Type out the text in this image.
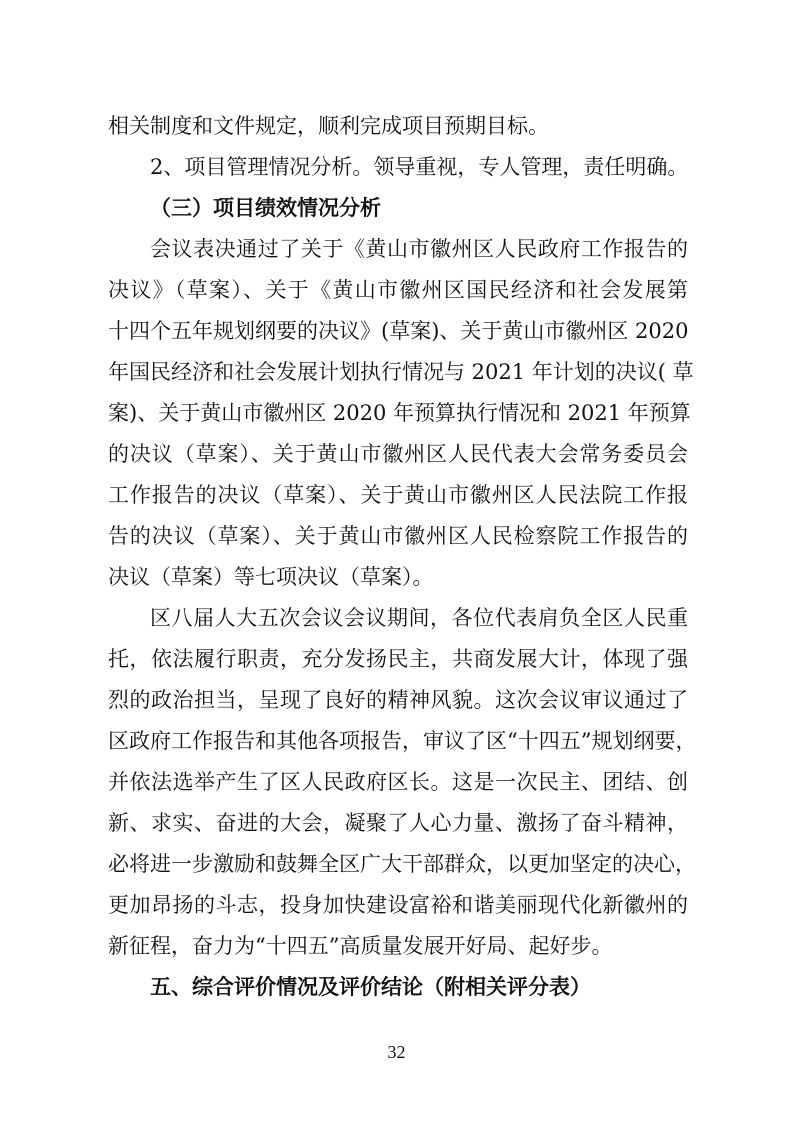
相关制度和文件规定，顺利完成项目预期目标。
2、项目管理情况分析。领导重视，专人管理，责任明确。
（三）项目绩效情况分析
会议表决通过了关于《黄山市徽州区人民政府工作报告的
决议》（草案）、关于《黄山市徽州区国民经济和社会发展第
十四个五年规划纲要的决议》(草案)、关于黄山市徽州区 2020
年国民经济和社会发展计划执行情况与 2021 年计划的决议( 草
案)、关于黄山市徽州区 2020 年预算执行情况和 2021 年预算
的决议（草案）、关于黄山市徽州区人民代表大会常务委员会
工作报告的决议（草案）、关于黄山市徽州区人民法院工作报
告的决议（草案）、关于黄山市徽州区人民检察院工作报告的
决议（草案）等七项决议（草案）。
区八届人大五次会议会议期间，各位代表肩负全区人民重
托，依法履行职责，充分发扬民主，共商发展大计，体现了强
烈的政治担当，呈现了良好的精神风貌。这次会议审议通过了
区政府工作报告和其他各项报告，审议了区“十四五”规划纲要，
并依法选举产生了区人民政府区长。这是一次民主、团结、创
新、求实、奋进的大会，凝聚了人心力量、激扬了奋斗精神，
必将进一步激励和鼓舞全区广大干部群众，以更加坚定的决心，
更加昂扬的斗志，投身加快建设富裕和谐美丽现代化新徽州的
新征程，奋力为“十四五”高质量发展开好局、起好步。
五、综合评价情况及评价结论（附相关评分表）
32
